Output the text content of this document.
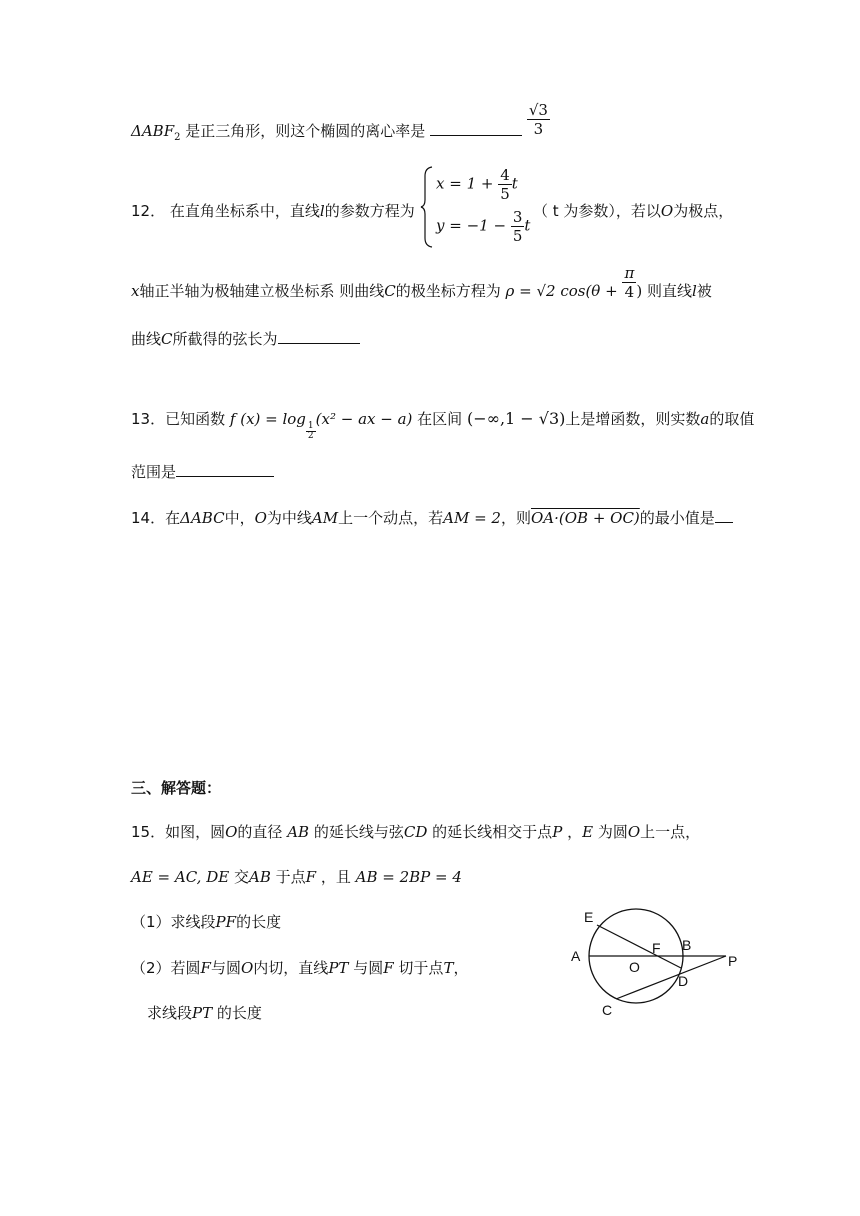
$\Delta ABF_2$ 是正三角形，则这个椭圆的离心率是	$\frac{√3}{3}$
12． 在直角坐标系中，直线l的参数方程为
$x = 1 + \frac{4}{5}$ t
$y = -1 - \frac{3}{5}$ t
（ t 为参数），若以O为极点，
x轴正半轴为极轴建立极坐标系 则曲线C的极坐标方程为 ρ = √2 $\cos(\theta + \frac{\pi}{4}$ ) 则直线l被
曲线C所截得的弦长为
13．已知函数 f (x) = log
$\frac{1}{2}$
(x² − ax − a) 在区间 (−∞,1 − √3)上是增函数，则实数a的取值
范围是
14．在ΔABC中，O为中线AM上一个动点，若AM = 2，则OA·(OB + OC)的最小值是
三、解答题：
15．如图，圆O的直径 AB 的延长线与弦CD 的延长线相交于点P ，E 为圆O上一点，
AE = AC, DE 交AB 于点F ，且 AB = 2BP = 4
（1）求线段PF的长度
（2）若圆F与圆O内切，直线PT 与圆F 切于点T，
求线段PT 的长度
E
A
O
F B
P
D
C
